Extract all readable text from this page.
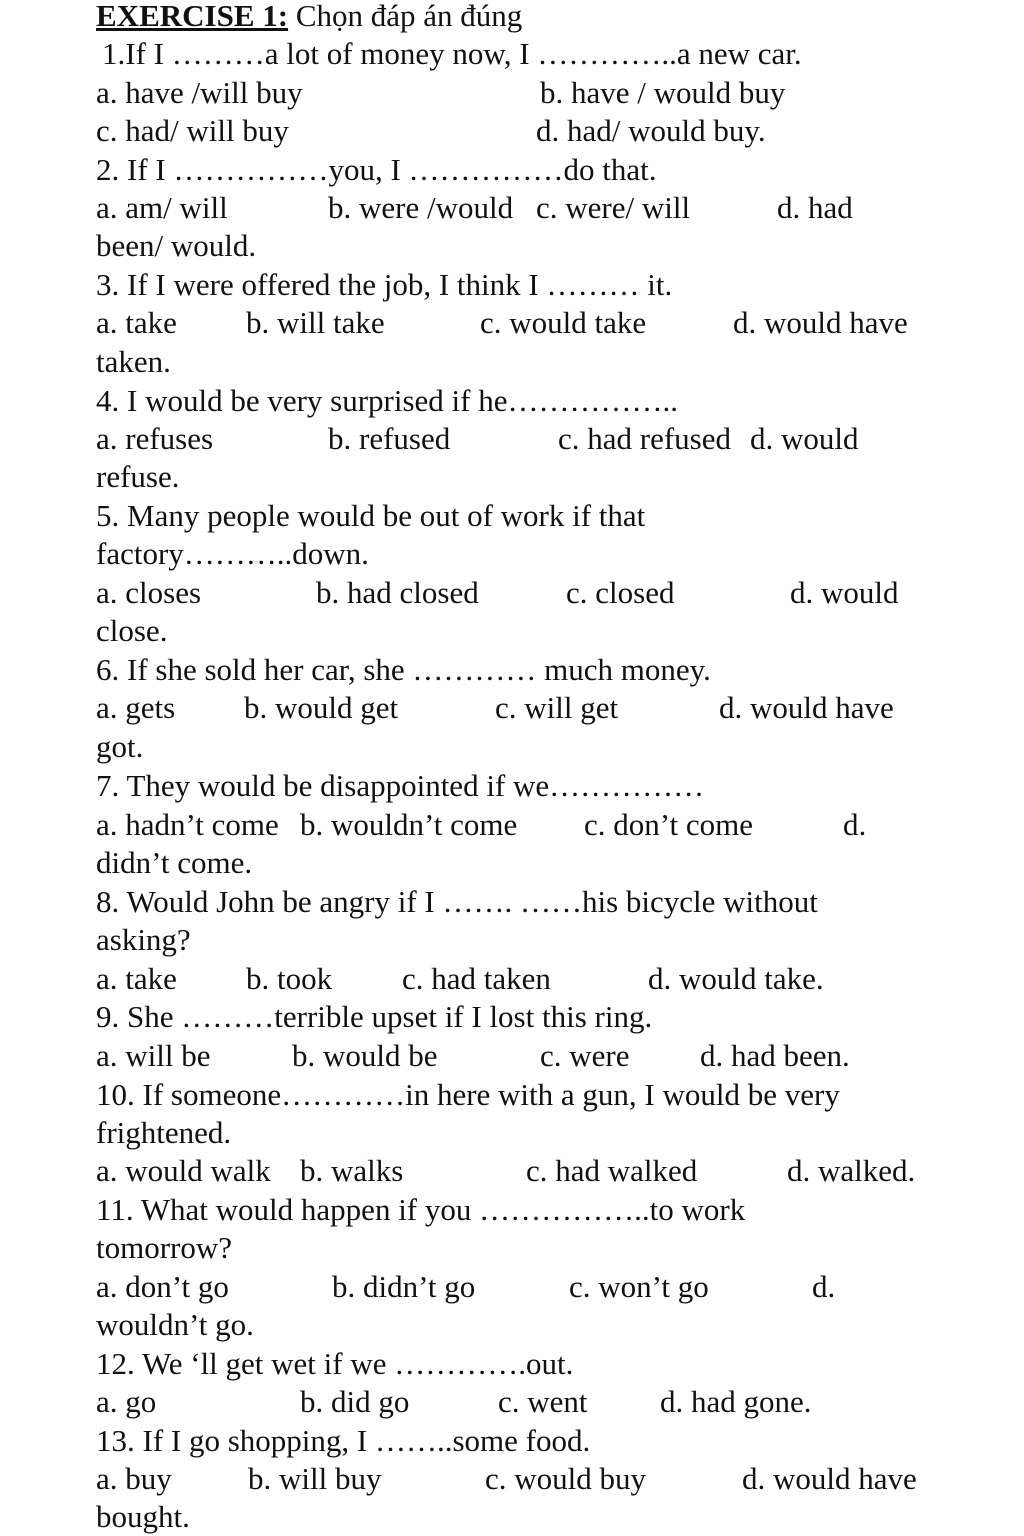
EXERCISE 1: Chọn đáp án đúng
1.If I ………a lot of money now, I …………..a new car.
a. have /will buy	b. have / would buy
c. had/ will buy	d. had/ would buy.
2. If I ……………you, I ……………do that.
a. am/ will	b. were /would c. were/ will	d. had
been/ would.
3. If I were offered the job, I think I ……… it.
a. take b. will take	c. would take	d. would have
taken.
4. I would be very surprised if he……………..
a. refuses	b. refused	c. had refused d. would
refuse.
5. Many people would be out of work if that
factory………..down.
a. closes	b. had closed	c. closed	d. would
close.
6. If she sold her car, she ………… much money.
a. gets b. would get	c. will get	d. would have
got.
7. They would be disappointed if we……………
a. hadn’t come b. wouldn’t come c. don’t come	d.
didn’t come.
8. Would John be angry if I ……. ……his bicycle without
asking?
a. take b. took c. had taken	d. would take.
9. She ………terrible upset if I lost this ring.
a. will be	b. would be	c. were d. had been.
10. If someone…………in here with a gun, I would be very
frightened.
a. would walk b. walks	c. had walked	d. walked.
11. What would happen if you ……………..to work
tomorrow?
a. don’t go	b. didn’t go	c. won’t go	d.
wouldn’t go.
12. We ‘ll get wet if we ………….out.
a. go	b. did go	c. went d. had gone.
13. If I go shopping, I ……..some food.
a. buy b. will buy	c. would buy	d. would have
bought.
